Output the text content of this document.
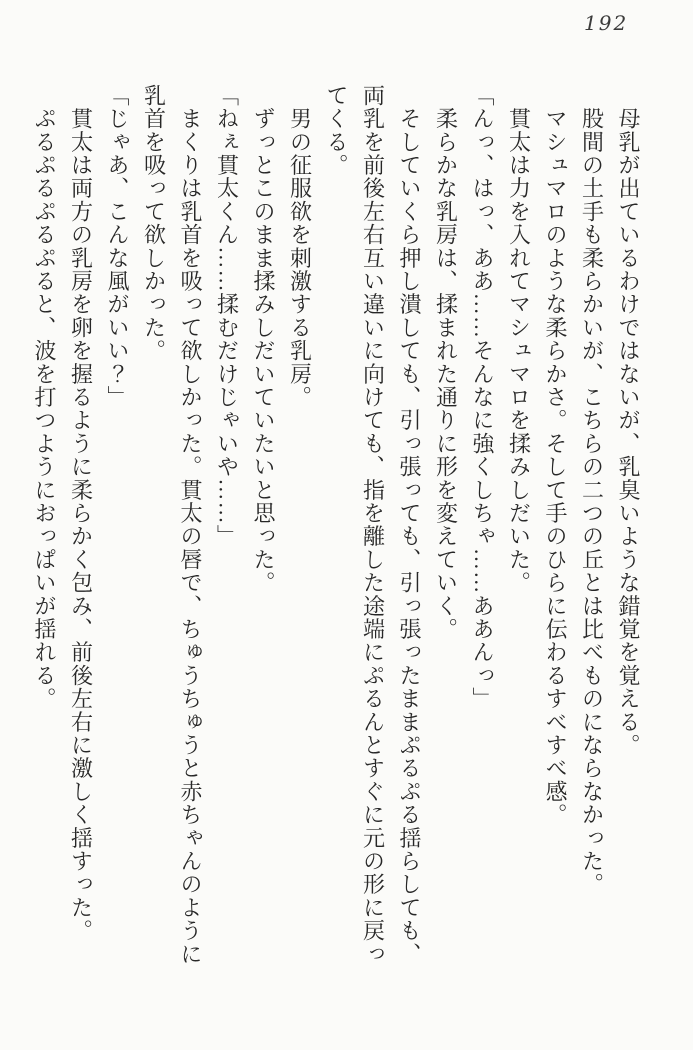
192

　母乳が出ているわけではないが、乳臭いような錯覚を覚える。

　股間の土手も柔らかいが、こちらの二つの丘とは比べものにならなかった。

　マシュマロのような柔らかさ。そして手のひらに伝わるすべすべ感。

　貫太は力を入れてマシュマロを揉みしだいた。

「んっ、はっ、ああ……そんなに強くしちゃ……ああんっ」

　柔らかな乳房は、揉まれた通りに形を変えていく。

　そしていくら押し潰しても、引っ張っても、引っ張ったままぷるぷる揺らしても、両乳を前後左右互い違いに向けても、指を離した途端にぷるんとすぐに元の形に戻ってくる。

　男の征服欲を刺激する乳房。

　ずっとこのまま揉みしだいていたいと思った。

「ねぇ貫太くん……揉むだけじゃいや……」

　まくりは乳首を吸って欲しかった。貫太の唇で、ちゅうちゅうと赤ちゃんのように乳首を吸って欲しかった。

「じゃあ、こんな風がいい？」

　貫太は両方の乳房を卵を握るように柔らかく包み、前後左右に激しく揺すった。

　ぷるぷるぷるぷると、波を打つようにおっぱいが揺れる。
